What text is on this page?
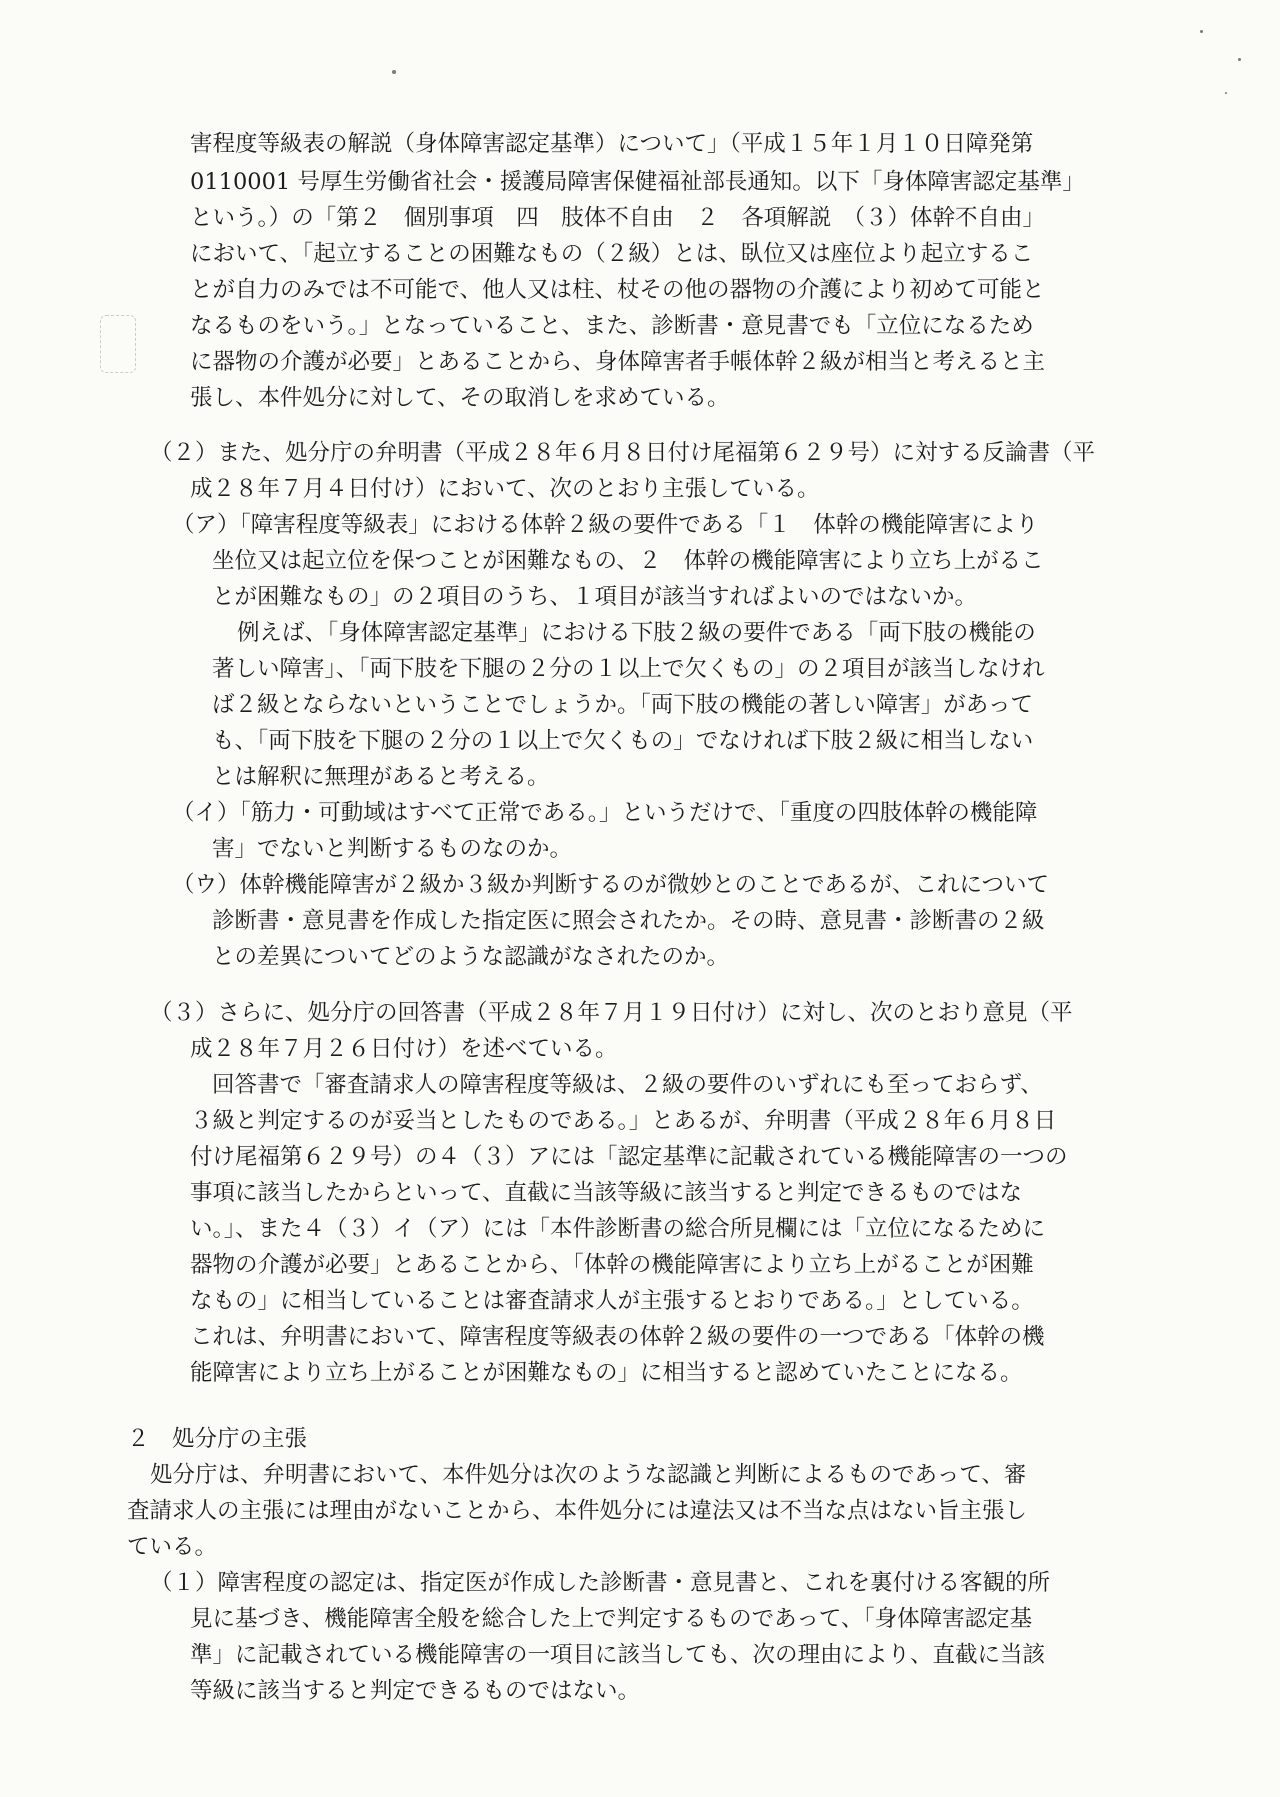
害程度等級表の解説（身体障害認定基準）について」（平成１５年１月１０日障発第
0110001 号厚生労働省社会・援護局障害保健福祉部長通知。以下「身体障害認定基準」
という。）の「第２　個別事項　四　肢体不自由　２　各項解説　（３）体幹不自由」
において、「起立することの困難なもの（２級）とは、臥位又は座位より起立するこ
とが自力のみでは不可能で、他人又は柱、杖その他の器物の介護により初めて可能と
なるものをいう。」となっていること、また、診断書・意見書でも「立位になるため
に器物の介護が必要」とあることから、身体障害者手帳体幹２級が相当と考えると主
張し、本件処分に対して、その取消しを求めている。
（２）また、処分庁の弁明書（平成２８年６月８日付け尾福第６２９号）に対する反論書（平
成２８年７月４日付け）において、次のとおり主張している。
（ア）「障害程度等級表」における体幹２級の要件である「１　体幹の機能障害により
坐位又は起立位を保つことが困難なもの、２　体幹の機能障害により立ち上がるこ
とが困難なもの」の２項目のうち、１項目が該当すればよいのではないか。
例えば、「身体障害認定基準」における下肢２級の要件である「両下肢の機能の
著しい障害」、「両下肢を下腿の２分の１以上で欠くもの」の２項目が該当しなけれ
ば２級とならないということでしょうか。「両下肢の機能の著しい障害」があって
も、「両下肢を下腿の２分の１以上で欠くもの」でなければ下肢２級に相当しない
とは解釈に無理があると考える。
（イ）「筋力・可動域はすべて正常である。」というだけで、「重度の四肢体幹の機能障
害」でないと判断するものなのか。
（ウ）体幹機能障害が２級か３級か判断するのが微妙とのことであるが、これについて
診断書・意見書を作成した指定医に照会されたか。その時、意見書・診断書の２級
との差異についてどのような認識がなされたのか。
（３）さらに、処分庁の回答書（平成２８年７月１９日付け）に対し、次のとおり意見（平
成２８年７月２６日付け）を述べている。
回答書で「審査請求人の障害程度等級は、２級の要件のいずれにも至っておらず、
３級と判定するのが妥当としたものである。」とあるが、弁明書（平成２８年６月８日
付け尾福第６２９号）の４（３）アには「認定基準に記載されている機能障害の一つの
事項に該当したからといって、直截に当該等級に該当すると判定できるものではな
い。」、また４（３）イ（ア）には「本件診断書の総合所見欄には「立位になるために
器物の介護が必要」とあることから、「体幹の機能障害により立ち上がることが困難
なもの」に相当していることは審査請求人が主張するとおりである。」としている。
これは、弁明書において、障害程度等級表の体幹２級の要件の一つである「体幹の機
能障害により立ち上がることが困難なもの」に相当すると認めていたことになる。
２　処分庁の主張
処分庁は、弁明書において、本件処分は次のような認識と判断によるものであって、審
査請求人の主張には理由がないことから、本件処分には違法又は不当な点はない旨主張し
ている。
（１）障害程度の認定は、指定医が作成した診断書・意見書と、これを裏付ける客観的所
見に基づき、機能障害全般を総合した上で判定するものであって、「身体障害認定基
準」に記載されている機能障害の一項目に該当しても、次の理由により、直截に当該
等級に該当すると判定できるものではない。
